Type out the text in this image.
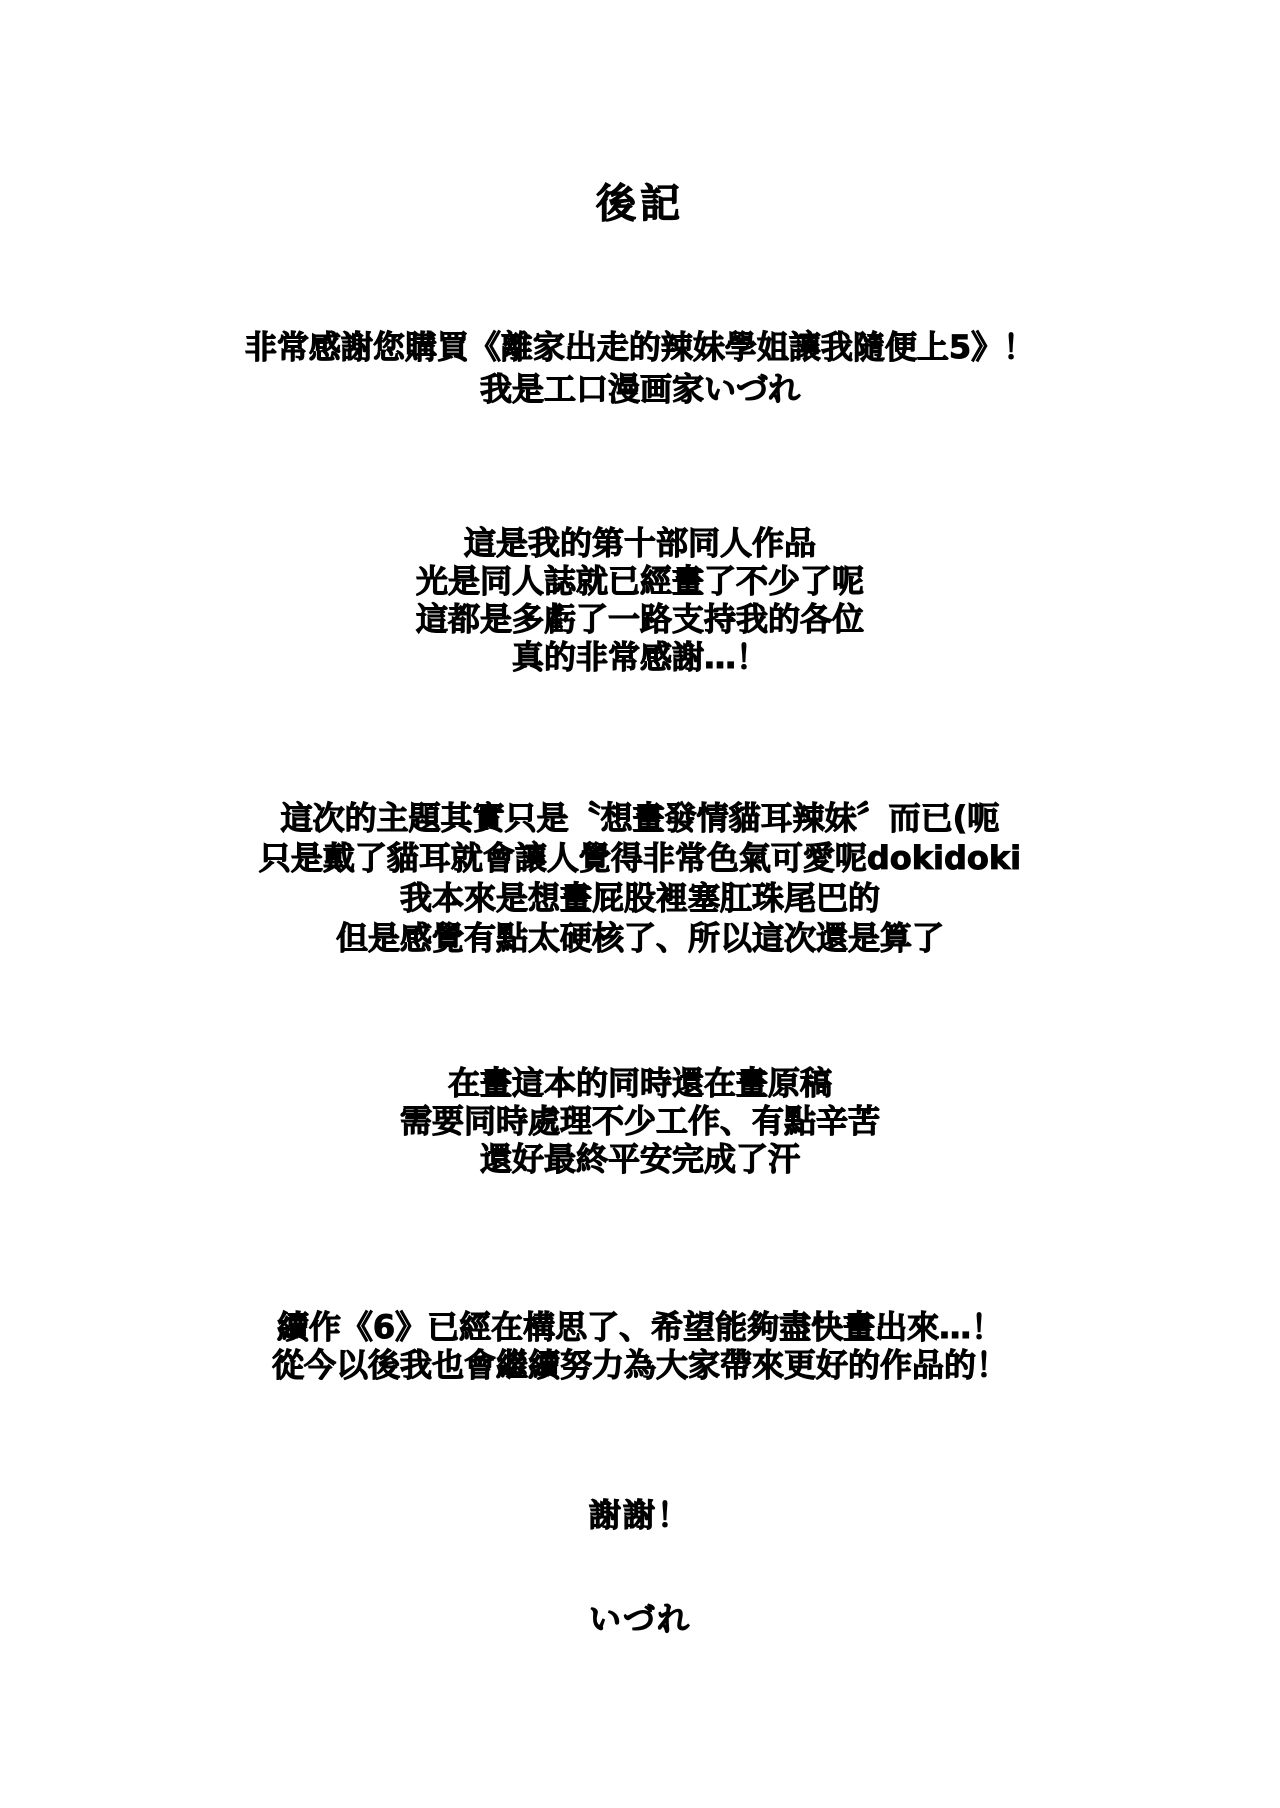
後記
非常感謝您購買《離家出走的辣妹學姐讓我隨便上5》！
我是工口漫画家いづれ
這是我的第十部同人作品
光是同人誌就已經畫了不少了呢
這都是多虧了一路支持我的各位
真的非常感謝…！
這次的主題其實只是〝想畫發情貓耳辣妹〞而已(呃
只是戴了貓耳就會讓人覺得非常色氣可愛呢dokidoki
我本來是想畫屁股裡塞肛珠尾巴的
但是感覺有點太硬核了、所以這次還是算了
在畫這本的同時還在畫原稿
需要同時處理不少工作、有點辛苦
還好最終平安完成了汗
續作《6》已經在構思了、希望能夠盡快畫出來…！
從今以後我也會繼續努力為大家帶來更好的作品的！
謝謝！
いづれ
